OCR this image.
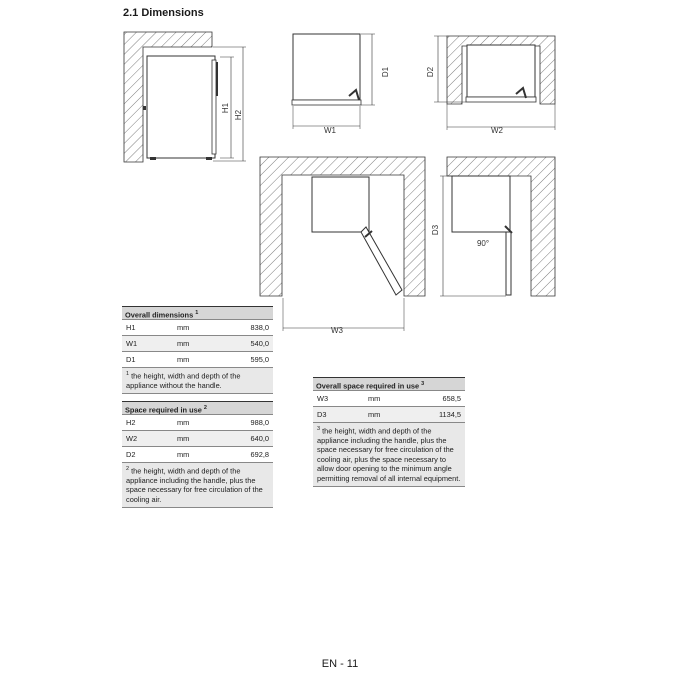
2.1 Dimensions
H1
H2
D1
W1
D2
W2
W3
90°
D3
Overall dimensions $^1$
H1	mm	838,0
W1	mm	540,0
D1	mm	595,0
$^1$ the height, width and depth of the appliance without the handle.
Space required in use $^2$
H2	mm	988,0
W2	mm	640,0
D2	mm	692,8
$^2$ the height, width and depth of the appliance including the handle, plus the space necessary for free circulation of the cooling air.
Overall space required in use $^3$
W3	mm	658,5
D3	mm	1134,5
$^3$ the height, width and depth of the appliance including the handle, plus the space necessary for free circulation of the cooling air, plus the space necessary to allow door opening to the minimum angle permitting removal of all internal equipment.
EN - 11
